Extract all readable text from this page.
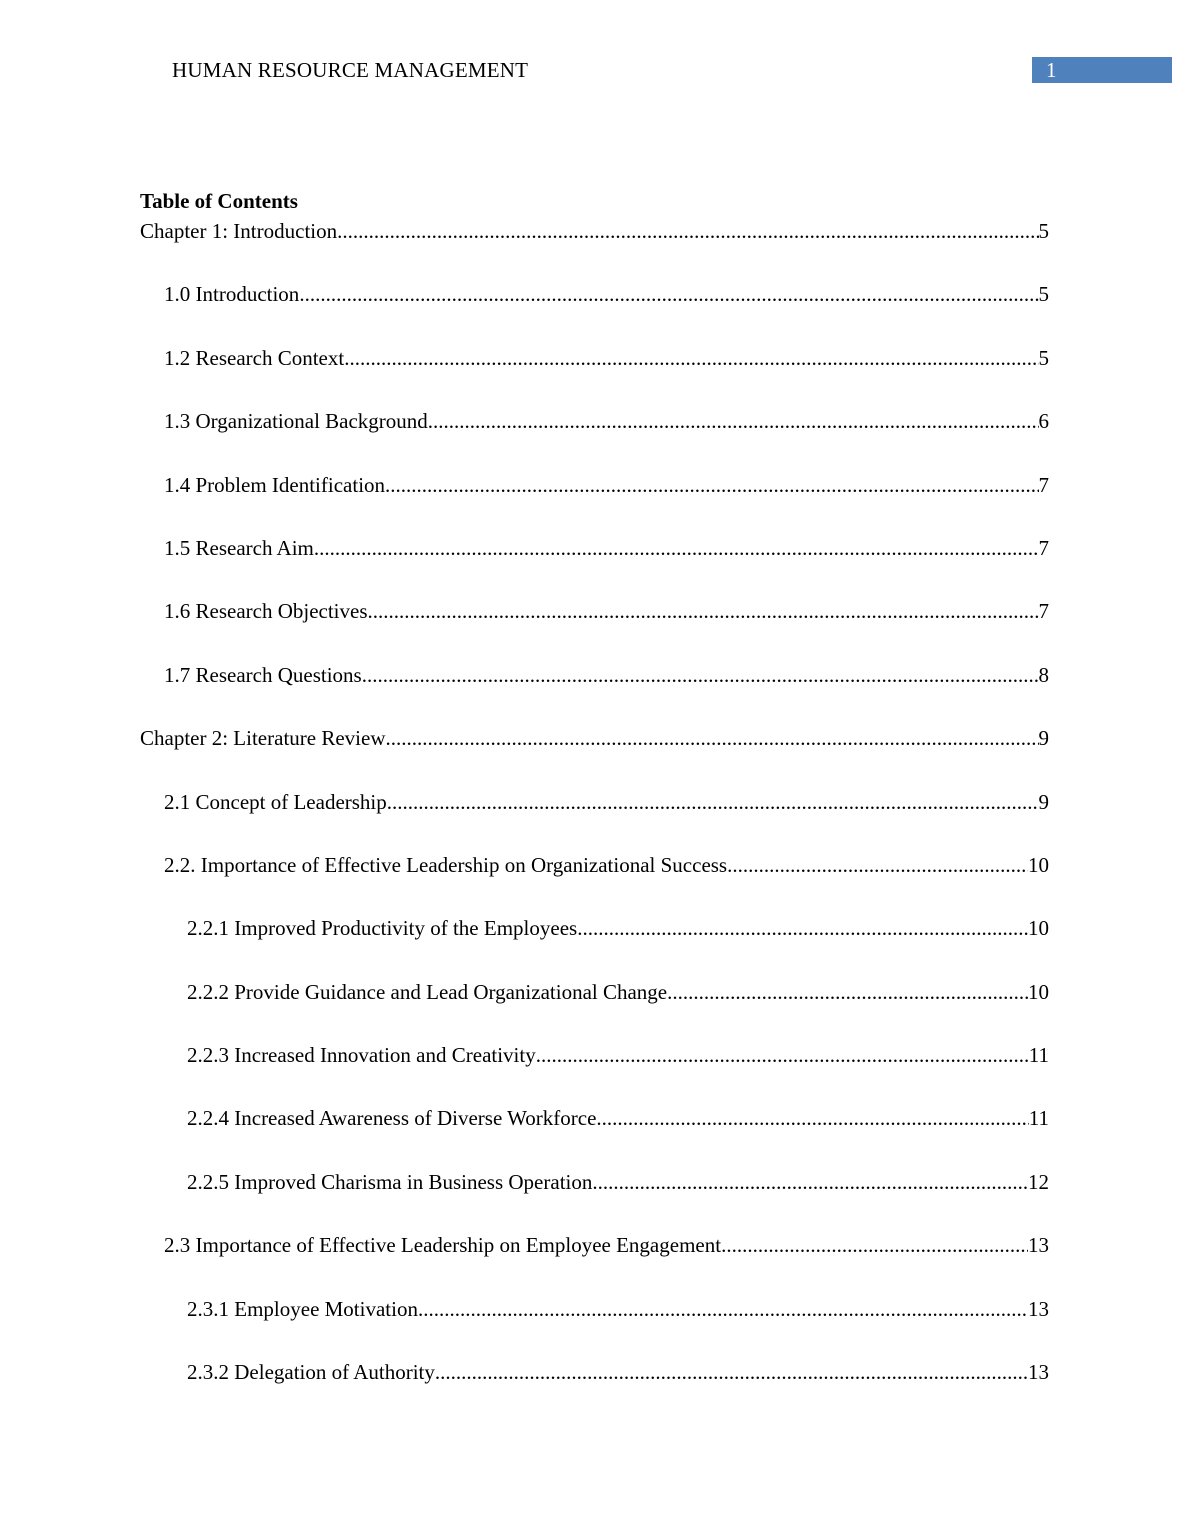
HUMAN RESOURCE MANAGEMENT	1
Table of Contents
Chapter 1: Introduction .....	5
1.0 Introduction .....	5
1.2 Research Context .....	5
1.3 Organizational Background .....	6
1.4 Problem Identification .....	7
1.5 Research Aim .....	7
1.6 Research Objectives .....	7
1.7 Research Questions .....	8
Chapter 2: Literature Review .....	9
2.1 Concept of Leadership .....	9
2.2. Importance of Effective Leadership on Organizational Success .....	10
2.2.1 Improved Productivity of the Employees .....	10
2.2.2 Provide Guidance and Lead Organizational Change .....	10
2.2.3 Increased Innovation and Creativity .....	11
2.2.4 Increased Awareness of Diverse Workforce .....	11
2.2.5 Improved Charisma in Business Operation .....	12
2.3 Importance of Effective Leadership on Employee Engagement .....	13
2.3.1 Employee Motivation .....	13
2.3.2 Delegation of Authority .....	13
